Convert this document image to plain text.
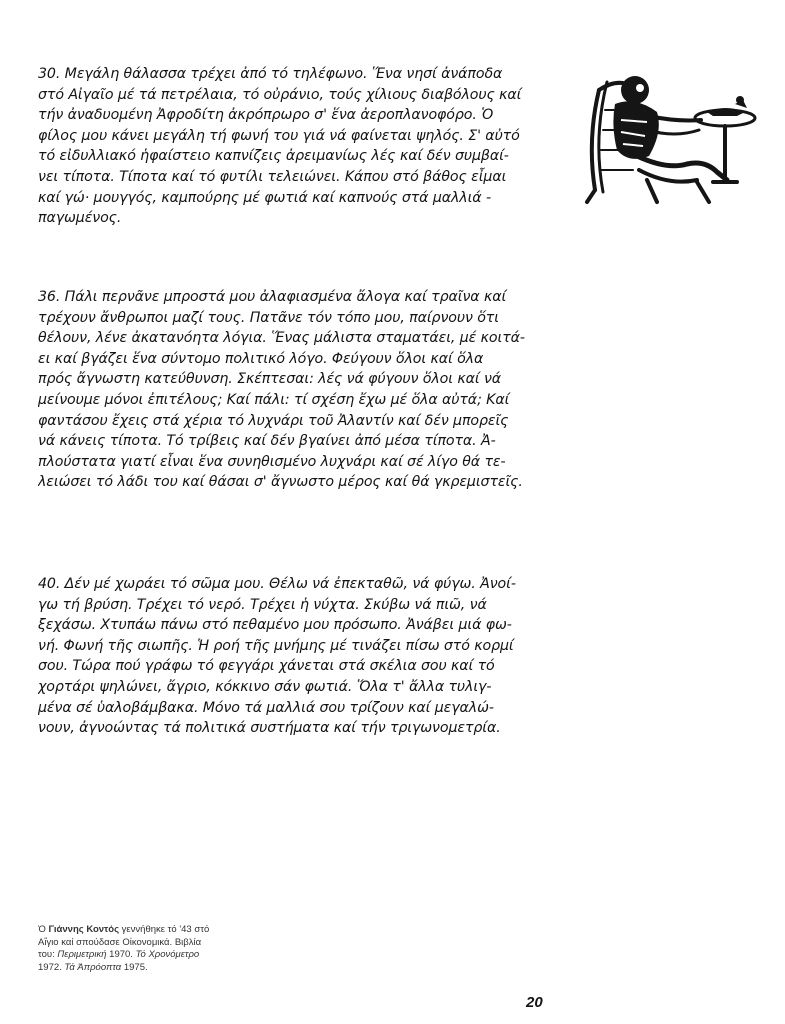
30. Μεγάλη θάλασσα τρέχει ἀπό τό τηλέφωνο. Ἕνα νησί ἀνάποδα
στό Αἰγαῖο μέ τά πετρέλαια, τό οὐράνιο, τούς χίλιους διαβόλους καί
τήν ἀναδυομένη Ἀφροδίτη ἀκρόπρωρο σ' ἕνα ἀεροπλανοφόρο. Ὁ
φίλος μου κάνει μεγάλη τή φωνή του γιά νά φαίνεται ψηλός. Σ' αὐτό
τό εἰδυλλιακό ἡφαίστειο καπνίζεις ἀρειμανίως λές καί δέν συμβαί-
νει τίποτα. Τίποτα καί τό φυτίλι τελειώνει. Κάπου στό βάθος εἶμαι
καί γώ· μουγγός, καμπούρης μέ φωτιά καί καπνούς στά μαλλιά -
παγωμένος.
36. Πάλι περνᾶνε μπροστά μου ἀλαφιασμένα ἄλογα καί τραῖνα καί
τρέχουν ἄνθρωποι μαζί τους. Πατᾶνε τόν τόπο μου, παίρνουν ὅτι
θέλουν, λένε ἀκατανόητα λόγια. Ἕνας μάλιστα σταματάει, μέ κοιτά-
ει καί βγάζει ἕνα σύντομο πολιτικό λόγο. Φεύγουν ὅλοι καί ὅλα
πρός ἄγνωστη κατεύθυνση. Σκέπτεσαι: λές νά φύγουν ὅλοι καί νά
μείνουμε μόνοι ἐπιτέλους; Καί πάλι: τί σχέση ἔχω μέ ὅλα αὐτά; Καί
φαντάσου ἔχεις στά χέρια τό λυχνάρι τοῦ Ἀλαντίν καί δέν μπορεῖς
νά κάνεις τίποτα. Τό τρίβεις καί δέν βγαίνει ἀπό μέσα τίποτα. Ἀ-
πλούστατα γιατί εἶναι ἕνα συνηθισμένο λυχνάρι καί σέ λίγο θά τε-
λειώσει τό λάδι του καί θάσαι σ' ἄγνωστο μέρος καί θά γκρεμιστεῖς.
40. Δέν μέ χωράει τό σῶμα μου. Θέλω νά ἐπεκταθῶ, νά φύγω. Ἀνοί-
γω τή βρύση. Τρέχει τό νερό. Τρέχει ἡ νύχτα. Σκύβω νά πιῶ, νά
ξεχάσω. Χτυπάω πάνω στό πεθαμένο μου πρόσωπο. Ἀνάβει μιά φω-
νή. Φωνή τῆς σιωπῆς. Ἡ ροή τῆς μνήμης μέ τινάζει πίσω στό κορμί
σου. Τώρα πού γράφω τό φεγγάρι χάνεται στά σκέλια σου καί τό
χορτάρι ψηλώνει, ἄγριο, κόκκινο σάν φωτιά. Ὅλα τ' ἄλλα τυλιγ-
μένα σέ ὑαλοβάμβακα. Μόνο τά μαλλιά σου τρίζουν καί μεγαλώ-
νουν, ἀγνοώντας τά πολιτικά συστήματα καί τήν τριγωνομετρία.
Ὁ Γιάννης Κοντός γεννήθηκε τό '43 στό
Αἴγιο καί σπούδασε Οἰκονομικά. Βιβλία
του: Περιμετρική 1970. Τό Χρονόμετρο
1972. Τά Ἀπρόοπτα 1975.
20
